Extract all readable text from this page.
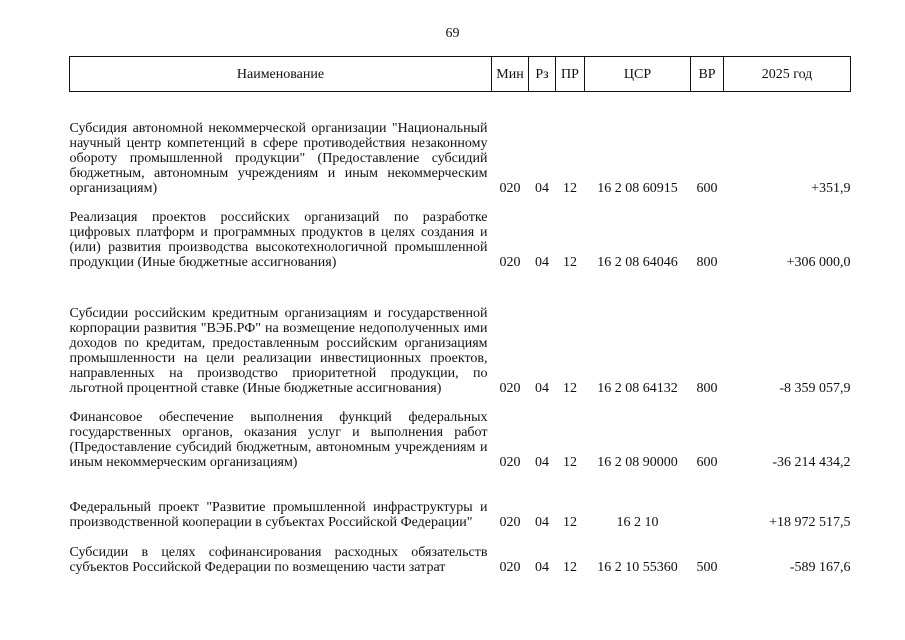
69
Наименование	Мин	Рз	ПР	ЦСР	ВР	2025 год
Субсидия автономной некоммерческой организации "Национальный научный центр компетенций в сфере противодействия незаконному обороту промышленной продукции" (Предоставление субсидий бюджетным, автономным учреждениям и иным некоммерческим организациям)	020	04	12	16 2 08 60915	600	+351,9
Реализация проектов российских организаций по разработке цифровых платформ и программных продуктов в целях создания и (или) развития производства высокотехнологичной промышленной продукции (Иные бюджетные ассигнования)	020	04	12	16 2 08 64046	800	+306 000,0
Субсидии российским кредитным организациям и государственной корпорации развития "ВЭБ.РФ" на возмещение недополученных ими доходов по кредитам, предоставленным российским организациям промышленности на цели реализации инвестиционных проектов, направленных на производство приоритетной продукции, по льготной процентной ставке (Иные бюджетные ассигнования)	020	04	12	16 2 08 64132	800	-8 359 057,9
Финансовое обеспечение выполнения функций федеральных государственных органов, оказания услуг и выполнения работ (Предоставление субсидий бюджетным, автономным учреждениям и иным некоммерческим организациям)	020	04	12	16 2 08 90000	600	-36 214 434,2
Федеральный проект "Развитие промышленной инфраструктуры и производственной кооперации в субъектах Российской Федерации"	020	04	12	16 2 10		+18 972 517,5
Субсидии в целях софинансирования расходных обязательств субъектов Российской Федерации по возмещению части затрат	020	04	12	16 2 10 55360	500	-589 167,6
